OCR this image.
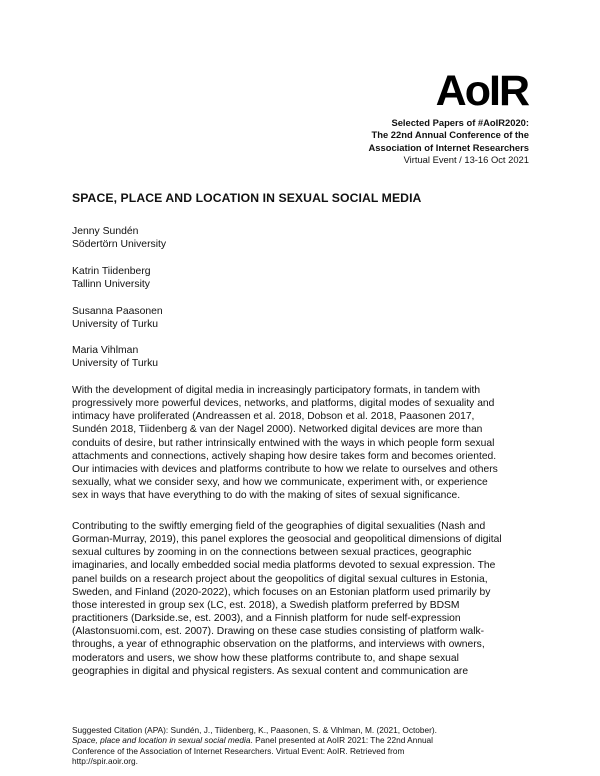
AoIR
Selected Papers of #AoIR2020:
The 22nd Annual Conference of the
Association of Internet Researchers
Virtual Event / 13-16 Oct 2021
SPACE, PLACE AND LOCATION IN SEXUAL SOCIAL MEDIA
Jenny Sundén
Södertörn University
Katrin Tiidenberg
Tallinn University
Susanna Paasonen
University of Turku
Maria Vihlman
University of Turku
With the development of digital media in increasingly participatory formats, in tandem with
progressively more powerful devices, networks, and platforms, digital modes of sexuality and
intimacy have proliferated (Andreassen et al. 2018, Dobson et al. 2018, Paasonen 2017,
Sundén 2018, Tiidenberg & van der Nagel 2000). Networked digital devices are more than
conduits of desire, but rather intrinsically entwined with the ways in which people form sexual
attachments and connections, actively shaping how desire takes form and becomes oriented.
Our intimacies with devices and platforms contribute to how we relate to ourselves and others
sexually, what we consider sexy, and how we communicate, experiment with, or experience
sex in ways that have everything to do with the making of sites of sexual significance.
Contributing to the swiftly emerging field of the geographies of digital sexualities (Nash and
Gorman-Murray, 2019), this panel explores the geosocial and geopolitical dimensions of digital
sexual cultures by zooming in on the connections between sexual practices, geographic
imaginaries, and locally embedded social media platforms devoted to sexual expression. The
panel builds on a research project about the geopolitics of digital sexual cultures in Estonia,
Sweden, and Finland (2020-2022), which focuses on an Estonian platform used primarily by
those interested in group sex (LC, est. 2018), a Swedish platform preferred by BDSM
practitioners (Darkside.se, est. 2003), and a Finnish platform for nude self-expression
(Alastonsuomi.com, est. 2007). Drawing on these case studies consisting of platform walk-
throughs, a year of ethnographic observation on the platforms, and interviews with owners,
moderators and users, we show how these platforms contribute to, and shape sexual
geographies in digital and physical registers. As sexual content and communication are
Suggested Citation (APA): Sundén, J., Tiidenberg, K., Paasonen, S. & Vihlman, M. (2021, October).
Space, place and location in sexual social media. Panel presented at AoIR 2021: The 22nd Annual
Conference of the Association of Internet Researchers. Virtual Event: AoIR. Retrieved from
http://spir.aoir.org.
